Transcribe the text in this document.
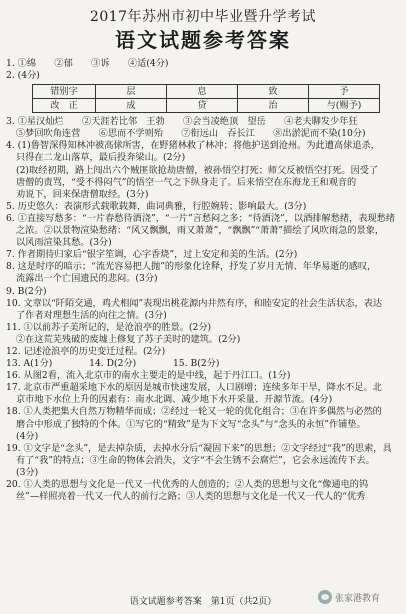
2017年苏州市初中毕业暨升学考试
语文试题参考答案
1. ①绵　　②郁　　③诉　　④适(4分)
2. (4分)
错别字	层	息	致	予
改　正	成	贷	治	与(赐予)
3. ①星汉灿烂　　②天涯若比邻　王勃　　③会当凌绝顶　望岳　　④老夫聊发少年狂
⑤梦回吹角连营　　⑥思而不学则殆　　⑦衔远山　吞长江　　⑧出淤泥而不染(10分)
4. (1)鲁智深得知林冲被高俅所害，在野猪林救了林冲；将他护送到沧州。为此遭高俅追杀，
只得在二龙山落草，最后投奔梁山。(2分)
(2)取经初期，路上闯出六个贼匪欲抢劫唐僧，被孙悟空打死；师父反被悟空打死。因受了
唐僧的责骂，“受不得闷气”的悟空一气之下纵身走了。后来悟空在东海龙王和观音的
劝说下，回来保唐僧取经。(3分)
5. 历史悠久：表演形式载歌载舞，曲词典雅，行腔婉转；影响最大。(3分)
6. ①直接写愁多：“一片春愁待酒浇”，“一片”言愁闷之多；“待酒浇”，以酒排解愁绪，表现愁绪
之浓。②以景物渲染愁绪：“风又飘飘，雨又萧萧”，“飘飘”“萧萧”描绘了风吹雨急的景象，
以风雨渲染其愁。(3分)
7. 作者期待归家后“银字笙调，心字香烧”，过上安定和美的生活。(2分)
8. 这是时序的暗示；“流光容易把人抛”的形象化诠释，抒发了岁月无情、年华易逝的感叹，
流露出一个亡国遗民的悲闷。(3分)
9. B(2分)
10. 文章以“阡陌交通，鸡犬相闻”表现出桃花源内井然有序，和睦安定的社会生活状态，表达
了作者对理想生活的向往之情。(3分)
11. ①以前苏子美所记的，是沧浪亭的胜景。(2分)
②在这荒芜残破的废墟上修复了苏子美时的建筑。(2分)
12. 记述沧浪亭的历史变迁过程。(2分)
13. A(1分)　　　　14. D(2分)　　　　15. B(2分)
16. 从图2看，流入北京市的南水主要走的是中线，起于丹江口。(1分)
17. 北京市严重超采地下水的原因是城市快速发展，人口剧增；连续多年干旱，降水不足。北
京市地下水位上升的因素有：南水北调、减少地下水开采量、开源节流。(4分)
18. ①人类把集大自然万物精华而成；②经过一轮又一轮的优化组合；③在许多偶然与必然的
磨合中形成了独特的个体。①写它的“精致”是为下文写“念头”与“念头的永恒”作铺垫。
(4分)
19. ①文字是“念头”，是去掉杂质，去掉水分后“凝固下来”的思想；②文字经过“我”的思索，具
有了“我”的特点；③生命的物体会消失，文字“不会生锈不会腐烂”，它会永远流传下去。
(3分)
20. ①人类的思想与文化是一代又一代优秀的人创造的；②人类的思想与文化“像通电的钨
丝”—样照亮着一代又一代人的前行之路；③人类的思想与文化是一代又一代人的“优秀
语文试题参考答案　第1页（共2页）	张家港教育
